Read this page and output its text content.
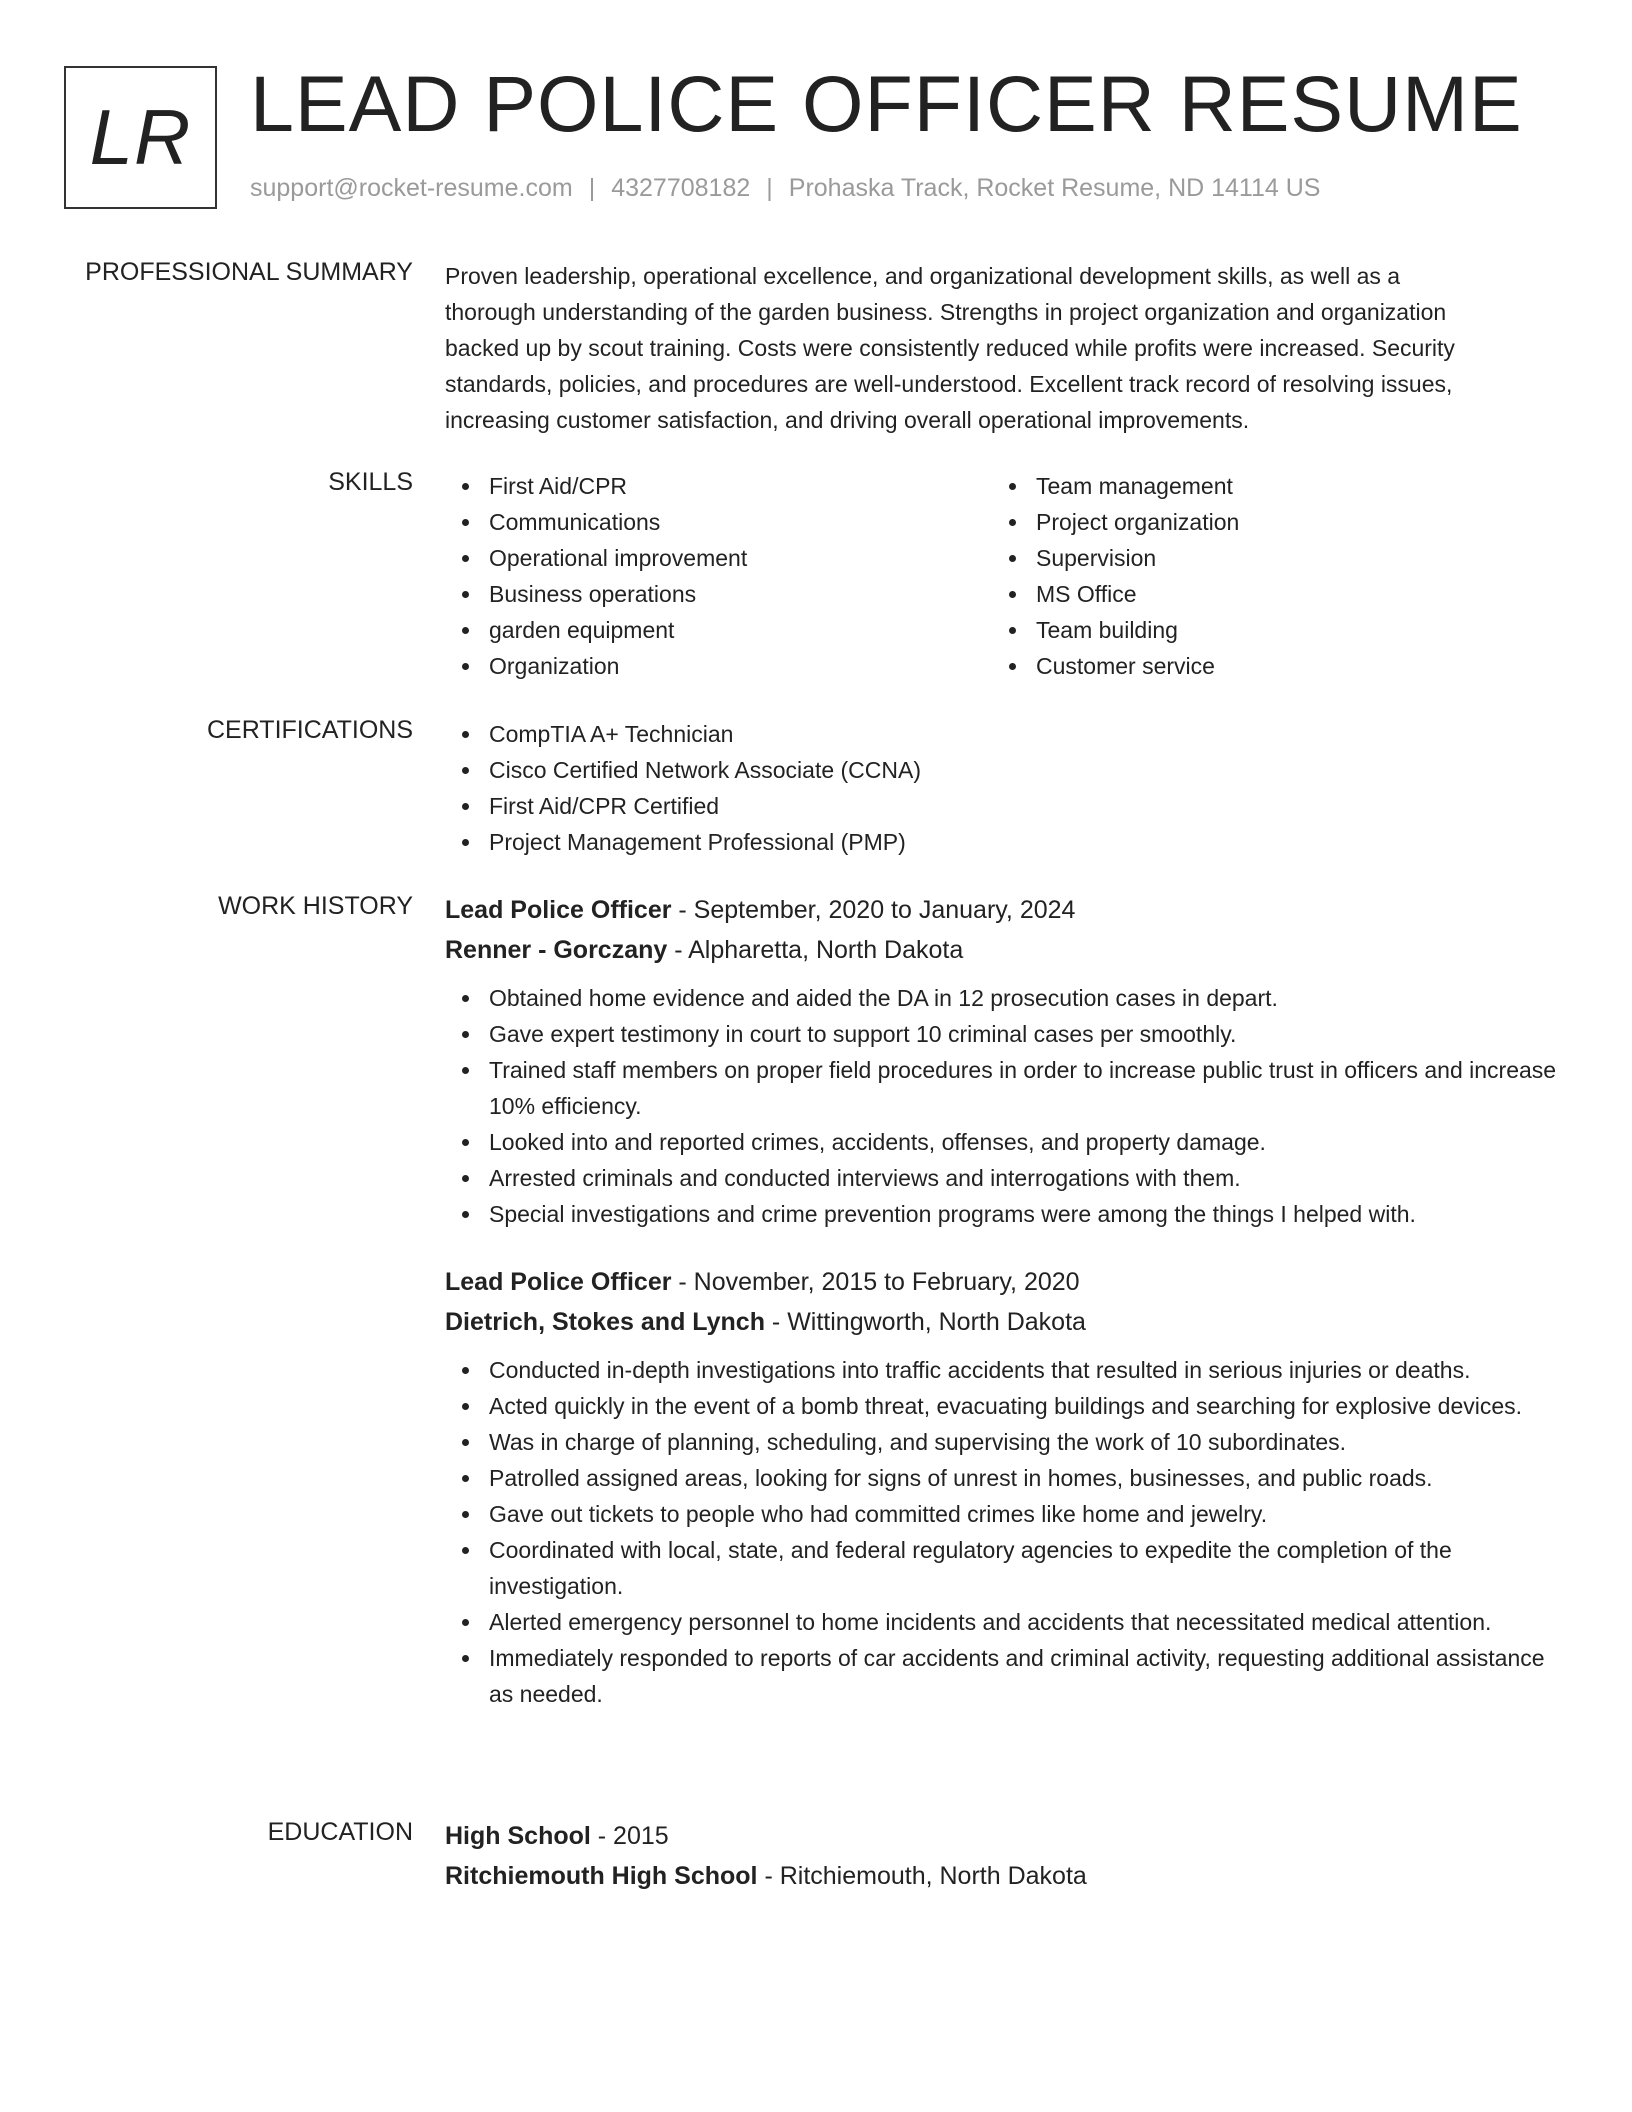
LR LEAD POLICE OFFICER RESUME
support@rocket-resume.com | 4327708182 | Prohaska Track, Rocket Resume, ND 14114 US
PROFESSIONAL SUMMARY Proven leadership, operational excellence, and organizational development skills, as well as a
thorough understanding of the garden business. Strengths in project organization and organization
backed up by scout training. Costs were consistently reduced while profits were increased. Security
standards, policies, and procedures are well-understood. Excellent track record of resolving issues,
increasing customer satisfaction, and driving overall operational improvements.
SKILLS	First Aid/CPR
Communications
Operational improvement
Business operations
garden equipment
Organization
Team management
Project organization
Supervision
MS Office
Team building
Customer service
CERTIFICATIONS	CompTIA A+ Technician
Cisco Certified Network Associate (CCNA)
First Aid/CPR Certified
Project Management Professional (PMP)
WORK HISTORY Lead Police Officer - September, 2020 to January, 2024
Renner - Gorczany - Alpharetta, North Dakota
Obtained home evidence and aided the DA in 12 prosecution cases in depart.
Gave expert testimony in court to support 10 criminal cases per smoothly.
Trained staff members on proper field procedures in order to increase public trust in officers and increase 10% efficiency.
Looked into and reported crimes, accidents, offenses, and property damage.
Arrested criminals and conducted interviews and interrogations with them.
Special investigations and crime prevention programs were among the things I helped with.
Lead Police Officer - November, 2015 to February, 2020
Dietrich, Stokes and Lynch - Wittingworth, North Dakota
Conducted in-depth investigations into traffic accidents that resulted in serious injuries or deaths.
Acted quickly in the event of a bomb threat, evacuating buildings and searching for explosive devices.
Was in charge of planning, scheduling, and supervising the work of 10 subordinates.
Patrolled assigned areas, looking for signs of unrest in homes, businesses, and public roads.
Gave out tickets to people who had committed crimes like home and jewelry.
Coordinated with local, state, and federal regulatory agencies to expedite the completion of the investigation.
Alerted emergency personnel to home incidents and accidents that necessitated medical attention.
Immediately responded to reports of car accidents and criminal activity, requesting additional assistance as needed.
EDUCATION High School - 2015
Ritchiemouth High School - Ritchiemouth, North Dakota
